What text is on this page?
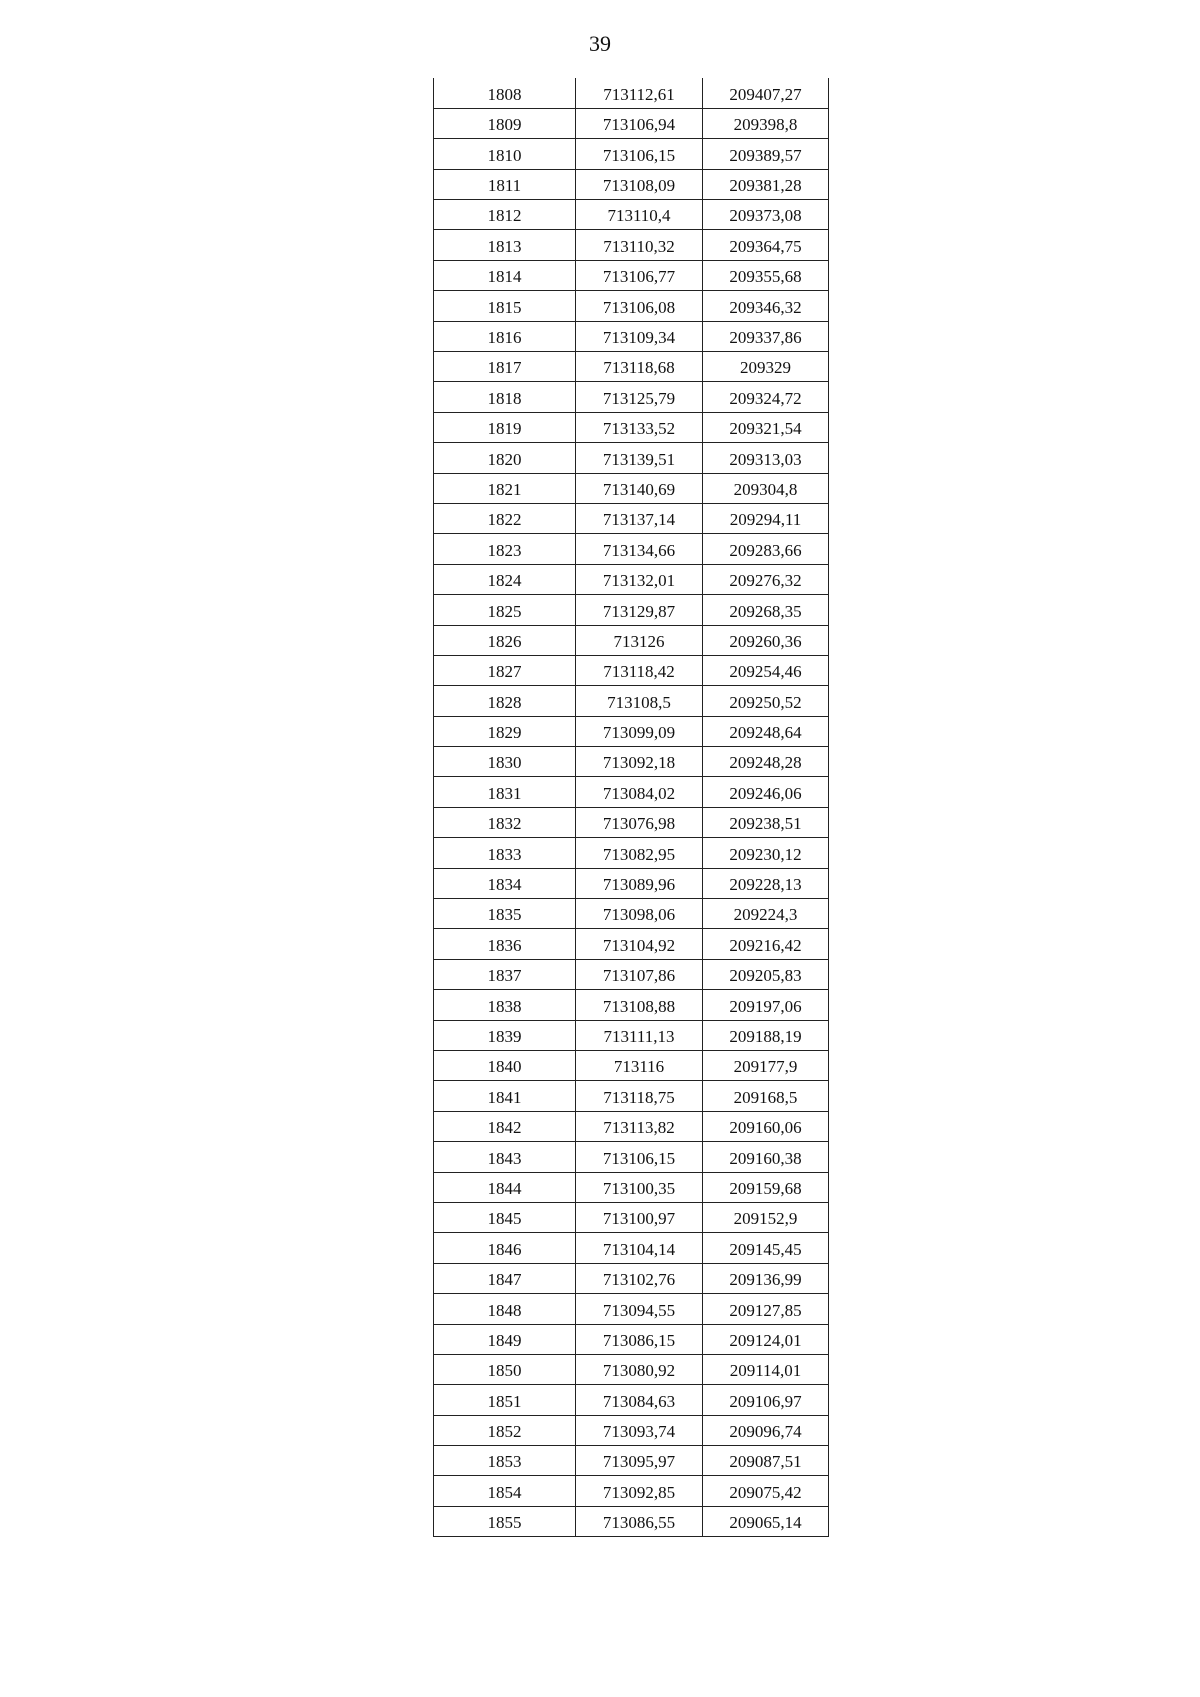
39
1808	713112,61	209407,27
1809	713106,94	209398,8
1810	713106,15	209389,57
1811	713108,09	209381,28
1812	713110,4	209373,08
1813	713110,32	209364,75
1814	713106,77	209355,68
1815	713106,08	209346,32
1816	713109,34	209337,86
1817	713118,68	209329
1818	713125,79	209324,72
1819	713133,52	209321,54
1820	713139,51	209313,03
1821	713140,69	209304,8
1822	713137,14	209294,11
1823	713134,66	209283,66
1824	713132,01	209276,32
1825	713129,87	209268,35
1826	713126	209260,36
1827	713118,42	209254,46
1828	713108,5	209250,52
1829	713099,09	209248,64
1830	713092,18	209248,28
1831	713084,02	209246,06
1832	713076,98	209238,51
1833	713082,95	209230,12
1834	713089,96	209228,13
1835	713098,06	209224,3
1836	713104,92	209216,42
1837	713107,86	209205,83
1838	713108,88	209197,06
1839	713111,13	209188,19
1840	713116	209177,9
1841	713118,75	209168,5
1842	713113,82	209160,06
1843	713106,15	209160,38
1844	713100,35	209159,68
1845	713100,97	209152,9
1846	713104,14	209145,45
1847	713102,76	209136,99
1848	713094,55	209127,85
1849	713086,15	209124,01
1850	713080,92	209114,01
1851	713084,63	209106,97
1852	713093,74	209096,74
1853	713095,97	209087,51
1854	713092,85	209075,42
1855	713086,55	209065,14
